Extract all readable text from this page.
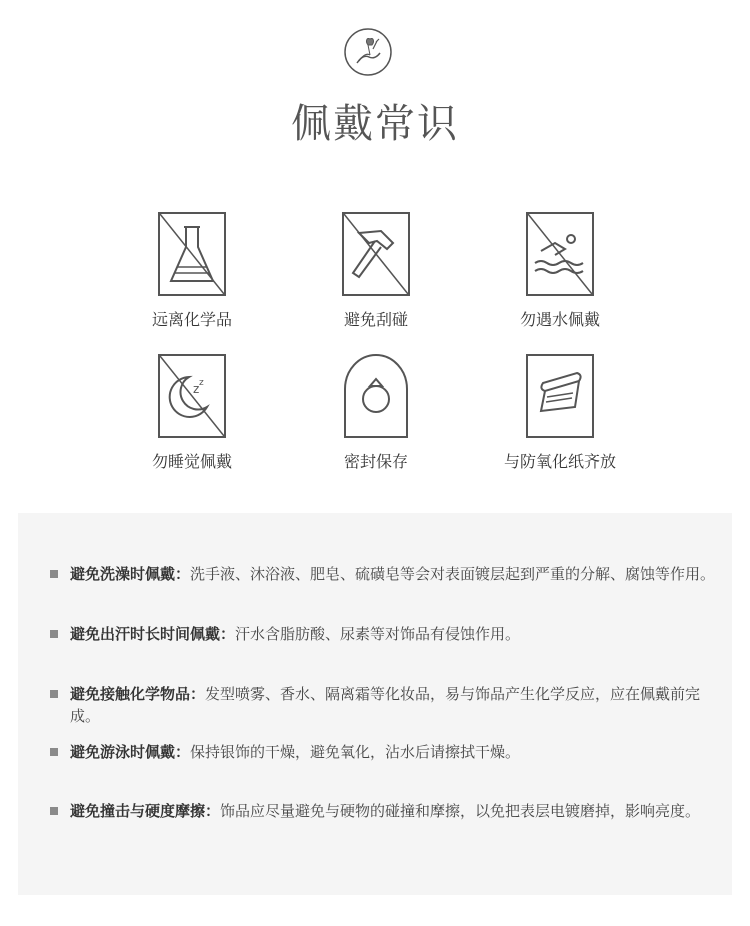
佩戴常识
远离化学品	避免刮碰	勿遇水佩戴
z z
勿睡觉佩戴	密封保存	与防氧化纸齐放
避免洗澡时佩戴：洗手液、沐浴液、肥皂、硫磺皂等会对表面镀层起到严重的分解、腐蚀等作用。
避免出汗时长时间佩戴：汗水含脂肪酸、尿素等对饰品有侵蚀作用。
避免接触化学物品：发型喷雾、香水、隔离霜等化妆品，易与饰品产生化学反应，应在佩戴前完成。
避免游泳时佩戴：保持银饰的干燥，避免氧化，沾水后请擦拭干燥。
避免撞击与硬度摩擦：饰品应尽量避免与硬物的碰撞和摩擦，以免把表层电镀磨掉，影响亮度。
